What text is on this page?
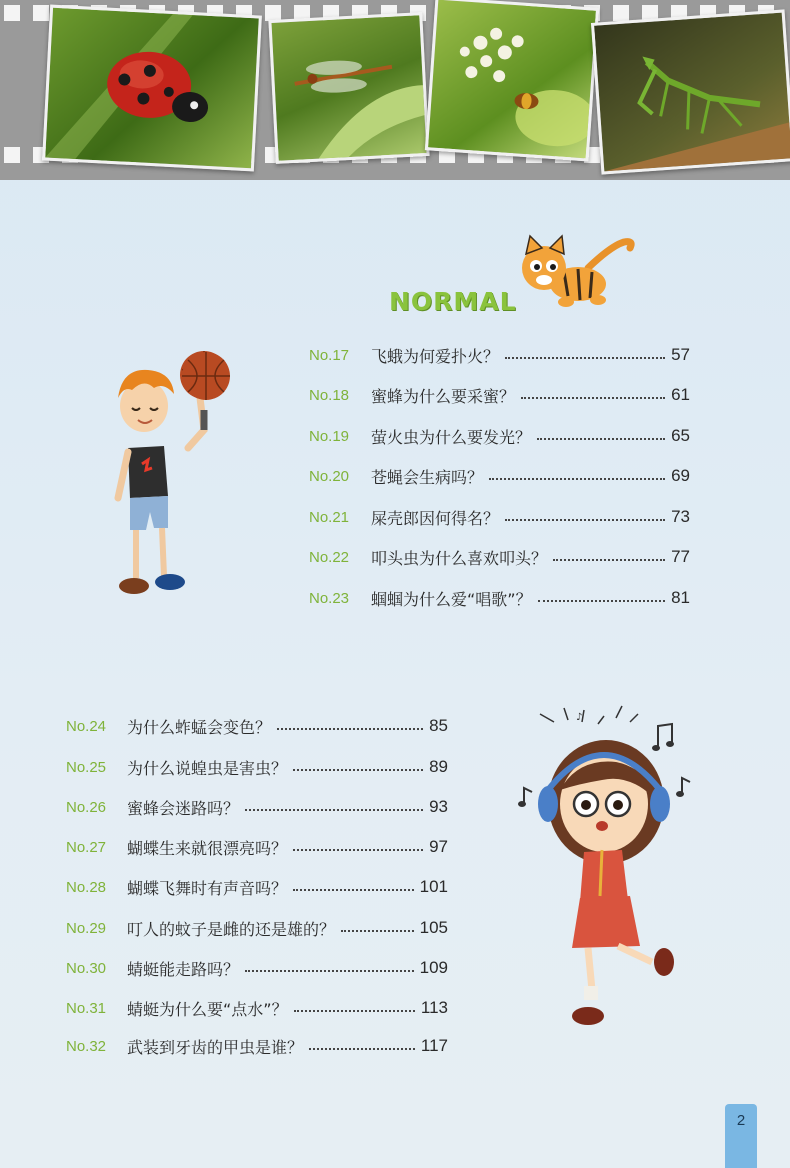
NORMAL
♪
No.17	飞蛾为何爱扑火？	57
No.18	蜜蜂为什么要采蜜？	61
No.19	萤火虫为什么要发光？	65
No.20	苍蝇会生病吗？	69
No.21	屎壳郎因何得名？	73
No.22	叩头虫为什么喜欢叩头？	77
No.23	蝈蝈为什么爱“唱歌”？	81
No.24	为什么蚱蜢会变色？	85
No.25	为什么说蝗虫是害虫？	89
No.26	蜜蜂会迷路吗？	93
No.27	蝴蝶生来就很漂亮吗？	97
No.28	蝴蝶飞舞时有声音吗？	101
No.29	叮人的蚊子是雌的还是雄的？	105
No.30	蜻蜓能走路吗？	109
No.31	蜻蜓为什么要“点水”？	113
No.32	武装到牙齿的甲虫是谁？	117
2
